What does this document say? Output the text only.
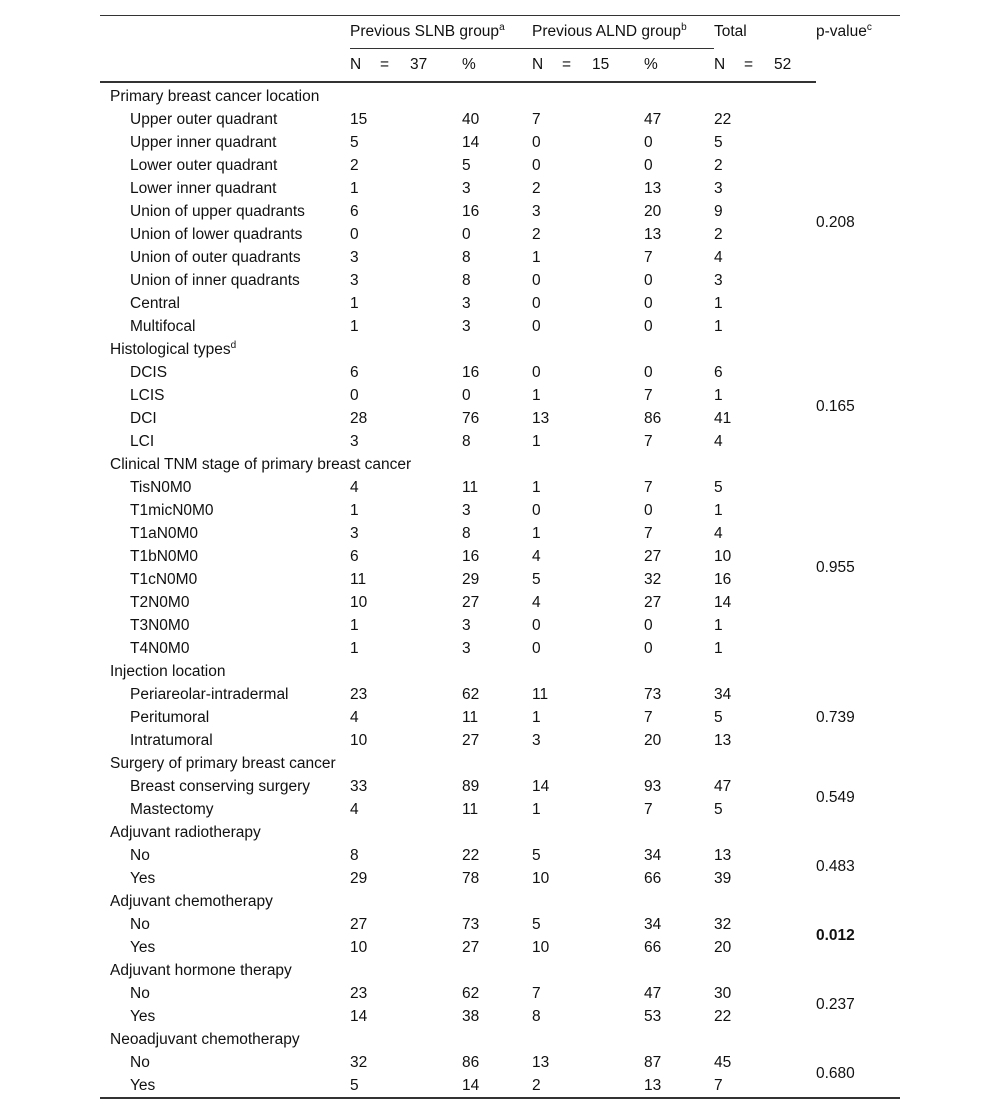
	Previous SLNB group$^a$		Previous ALND group$^b$		Total	p-value$^c$
	N = 37	%	N = 15	%	N = 52	
Primary breast cancer location						
Upper outer quadrant	15	40	7	47	22	0.208
Upper inner quadrant	5	14	0	0	5	
Lower outer quadrant	2	5	0	0	2	
Lower inner quadrant	1	3	2	13	3	
Union of upper quadrants	6	16	3	20	9	
Union of lower quadrants	0	0	2	13	2	
Union of outer quadrants	3	8	1	7	4	
Union of inner quadrants	3	8	0	0	3	
Central	1	3	0	0	1	
Multifocal	1	3	0	0	1	
Histological types$^d$	
DCIS	6	16	0	0	6	0.165
LCIS	0	0	1	7	1	
DCI	28	76	13	86	41	
LCI	3	8	1	7	4	
Clinical TNM stage of primary breast cancer						
TisN0M0	4	11	1	7	5	0.955
T1micN0M0	1	3	0	0	1	
T1aN0M0	3	8	1	7	4	
T1bN0M0	6	16	4	27	10	
T1cN0M0	11	29	5	32	16	
T2N0M0	10	27	4	27	14	
T3N0M0	1	3	0	0	1	
T4N0M0	1	3	0	0	1	
Injection location						
Periareolar-intradermal	23	62	11	73	34	0.739
Peritumoral	4	11	1	7	5	
Intratumoral	10	27	3	20	13	
Surgery of primary breast cancer						
Breast conserving surgery	33	89	14	93	47	0.549
Mastectomy	4	11	1	7	5	
Adjuvant radiotherapy						
No	8	22	5	34	13	0.483
Yes	29	78	10	66	39	
Adjuvant chemotherapy						
No	27	73	5	34	32	0.012
Yes	10	27	10	66	20	
Adjuvant hormone therapy						
No	23	62	7	47	30	0.237
Yes	14	38	8	53	22	
Neoadjuvant chemotherapy						
No	32	86	13	87	45	0.680
Yes	5	14	2	13	7	
